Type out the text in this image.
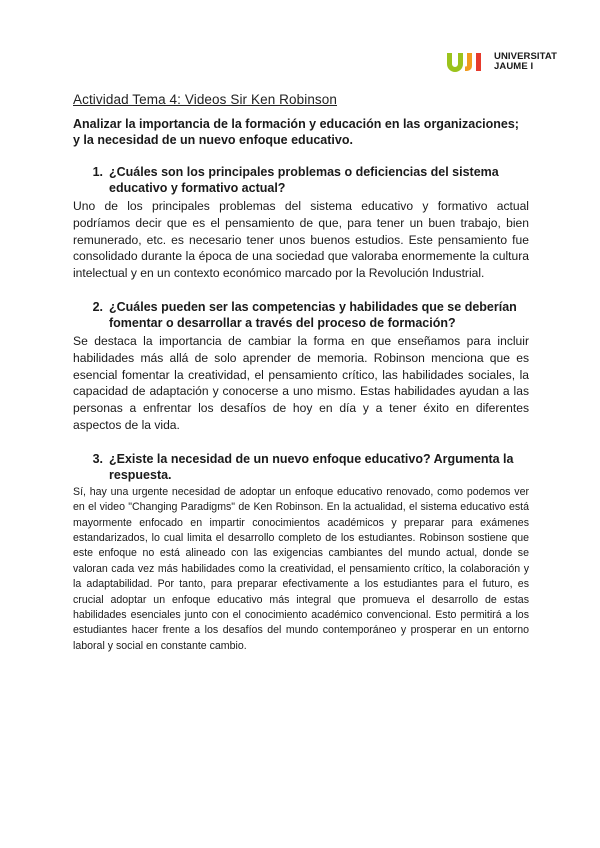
UNIVERSITAT
JAUME I
Actividad Tema 4: Videos Sir Ken Robinson
Analizar la importancia de la formación y educación en las organizaciones; y la necesidad de un nuevo enfoque educativo.
1. ¿Cuáles son los principales problemas o deficiencias del sistema educativo y formativo actual?

Uno de los principales problemas del sistema educativo y formativo actual podríamos decir que es el pensamiento de que, para tener un buen trabajo, bien remunerado, etc. es necesario tener unos buenos estudios. Este pensamiento fue consolidado durante la época de una sociedad que valoraba enormemente la cultura intelectual y en un contexto económico marcado por la Revolución Industrial.

2. ¿Cuáles pueden ser las competencias y habilidades que se deberían fomentar o desarrollar a través del proceso de formación?

Se destaca la importancia de cambiar la forma en que enseñamos para incluir habilidades más allá de solo aprender de memoria. Robinson menciona que es esencial fomentar la creatividad, el pensamiento crítico, las habilidades sociales, la capacidad de adaptación y conocerse a uno mismo. Estas habilidades ayudan a las personas a enfrentar los desafíos de hoy en día y a tener éxito en diferentes aspectos de la vida.

3. ¿Existe la necesidad de un nuevo enfoque educativo? Argumenta la respuesta.

Sí, hay una urgente necesidad de adoptar un enfoque educativo renovado, como podemos ver en el video "Changing Paradigms" de Ken Robinson. En la actualidad, el sistema educativo está mayormente enfocado en impartir conocimientos académicos y preparar para exámenes estandarizados, lo cual limita el desarrollo completo de los estudiantes. Robinson sostiene que este enfoque no está alineado con las exigencias cambiantes del mundo actual, donde se valoran cada vez más habilidades como la creatividad, el pensamiento crítico, la colaboración y la adaptabilidad. Por tanto, para preparar efectivamente a los estudiantes para el futuro, es crucial adoptar un enfoque educativo más integral que promueva el desarrollo de estas habilidades esenciales junto con el conocimiento académico convencional. Esto permitirá a los estudiantes hacer frente a los desafíos del mundo contemporáneo y prosperar en un entorno laboral y social en constante cambio.
